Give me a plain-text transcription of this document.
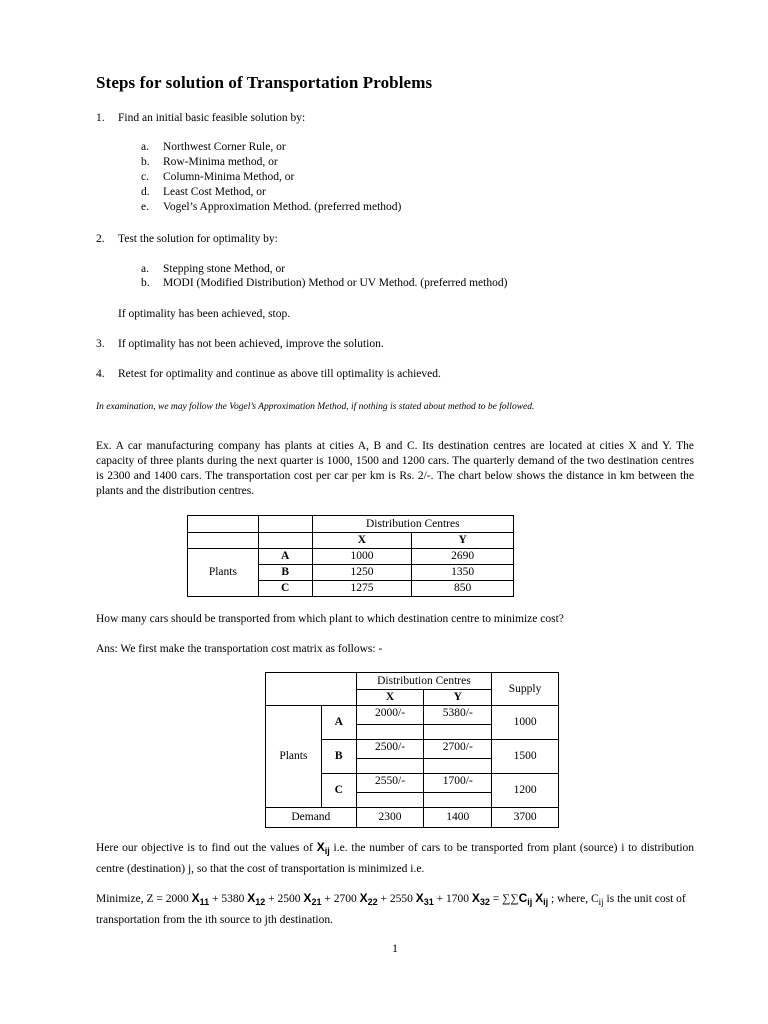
Steps for solution of Transportation Problems
1. Find an initial basic feasible solution by:
a. Northwest Corner Rule, or
b. Row-Minima method, or
c. Column-Minima Method, or
d. Least Cost Method, or
e. Vogel’s Approximation Method. (preferred method)
2. Test the solution for optimality by:
a. Stepping stone Method, or
b. MODI (Modified Distribution) Method or UV Method. (preferred method)
If optimality has been achieved, stop.
3. If optimality has not been achieved, improve the solution.
4. Retest for optimality and continue as above till optimality is achieved.
In examination, we may follow the Vogel’s Approximation Method, if nothing is stated about method to be followed.
Ex. A car manufacturing company has plants at cities A, B and C. Its destination centres are located at cities X and Y. The capacity of three plants during the next quarter is 1000, 1500 and 1200 cars. The quarterly demand of the two destination centres is 2300 and 1400 cars. The transportation cost per car per km is Rs. 2/-. The chart below shows the distance in km between the plants and the distribution centres.
		Distribution Centres	
		X	Y
Plants	A	1000	2690
	B	1250	1350
	C	1275	850
How many cars should be transported from which plant to which destination centre to minimize cost?
Ans: We first make the transportation cost matrix as follows: -
		Distribution Centres		Supply
		X	Y	
Plants	A	2000/-	5380/-	1000
	B	2500/-	2700/-	1500
	C	2550/-	1700/-	1200
Demand		2300	1400	3700
Here our objective is to find out the values of $X_{ij}$ i.e. the number of cars to be transported from plant (source) i to distribution centre (destination) j, so that the cost of transportation is minimized i.e.
Minimize, Z = 2000 $X_{11} + 5380$ $X_{12} + 2500$ $X_{21} + 2700$ $X_{22} + 2550$ $X_{31} + 1700$ $X_{32} = \sum\sum C_{ij}$ $X_{ij}$ ; where, $C_{ij}$ is the unit cost of transportation from the ith source to jth destination.
1
